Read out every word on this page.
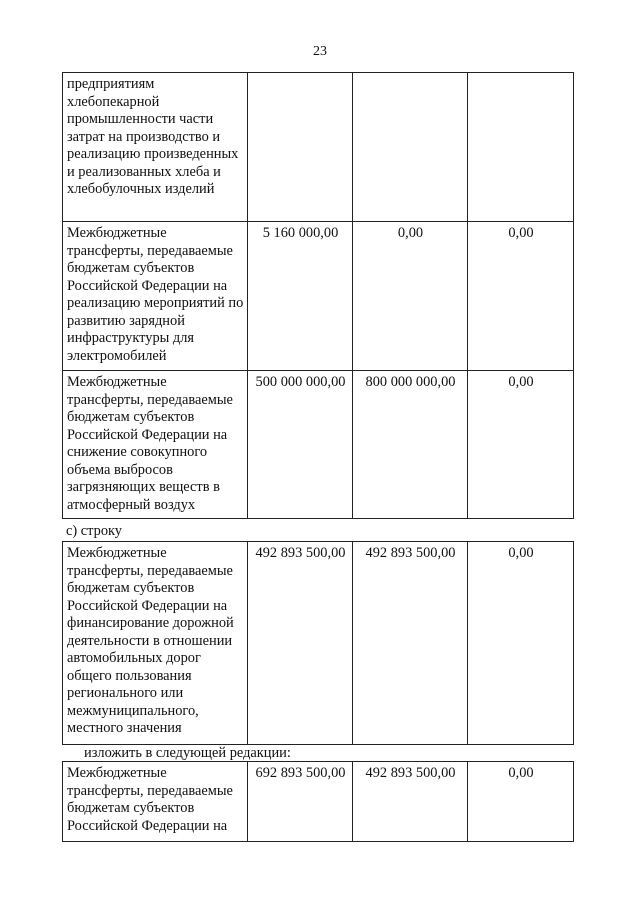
23
предприятиям хлебопекарной промышленности части затрат на производство и реализацию произведенных и реализованных хлеба и хлебобулочных изделий			
Межбюджетные трансферты, передаваемые бюджетам субъектов Российской Федерации на реализацию мероприятий по развитию зарядной инфраструктуры для электромобилей	5 160 000,00	0,00	0,00
Межбюджетные трансферты, передаваемые бюджетам субъектов Российской Федерации на снижение совокупного объема выбросов загрязняющих веществ в атмосферный воздух	500 000 000,00	800 000 000,00	0,00
с) строку
Межбюджетные трансферты, передаваемые бюджетам субъектов Российской Федерации на финансирование дорожной деятельности в отношении автомобильных дорог общего пользования регионального или межмуниципального, местного значения	492 893 500,00	492 893 500,00	0,00
изложить в следующей редакции:
Межбюджетные трансферты, передаваемые бюджетам субъектов Российской Федерации на	692 893 500,00	492 893 500,00	0,00
